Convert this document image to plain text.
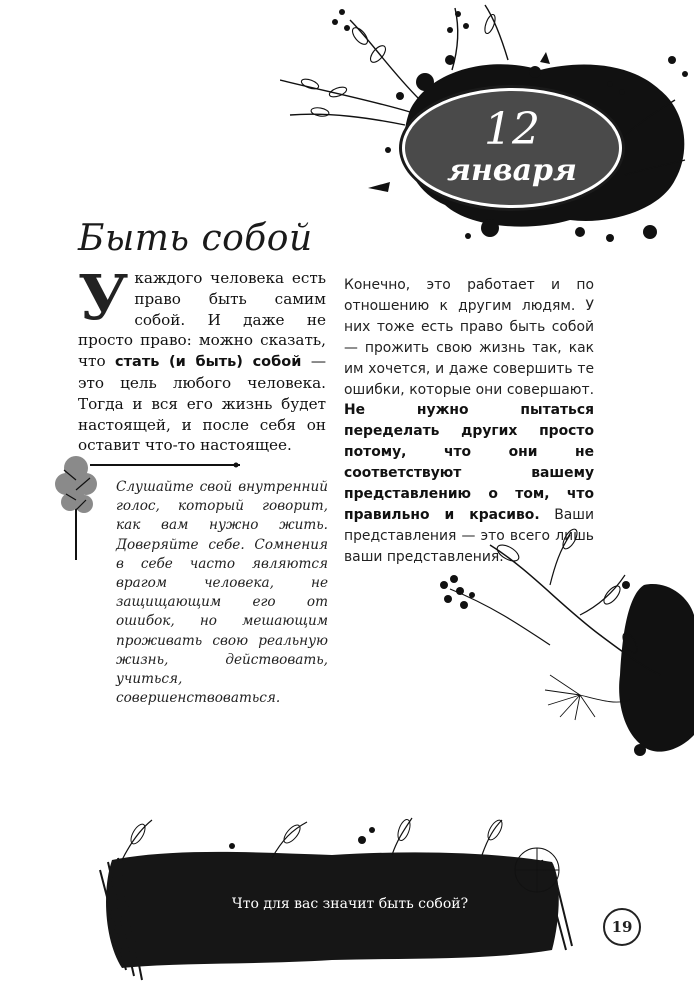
12
января
Быть собой
У каждого человека есть право быть самим собой. И даже не просто право: можно сказать, что стать (и быть) собой — это цель любого человека. Тогда и вся его жизнь будет настоящей, и после себя он оставит что-то настоящее.
Слушайте свой внутренний голос, который говорит, как вам нужно жить. Доверяйте себе. Сомнения в себе часто являются врагом человека, не защищающим его от ошибок, но мешающим проживать свою реальную жизнь, действовать, учиться, совершенствоваться.
Конечно, это работает и по отношению к другим людям. У них тоже есть право быть собой — прожить свою жизнь так, как им хочется, и даже совершить те ошибки, которые они совершают. Не нужно пытаться переделать других просто потому, что они не соответствуют вашему представлению о том, что правильно и красиво. Ваши представления — это всего лишь ваши представления.
Что для вас значит быть собой?
19
